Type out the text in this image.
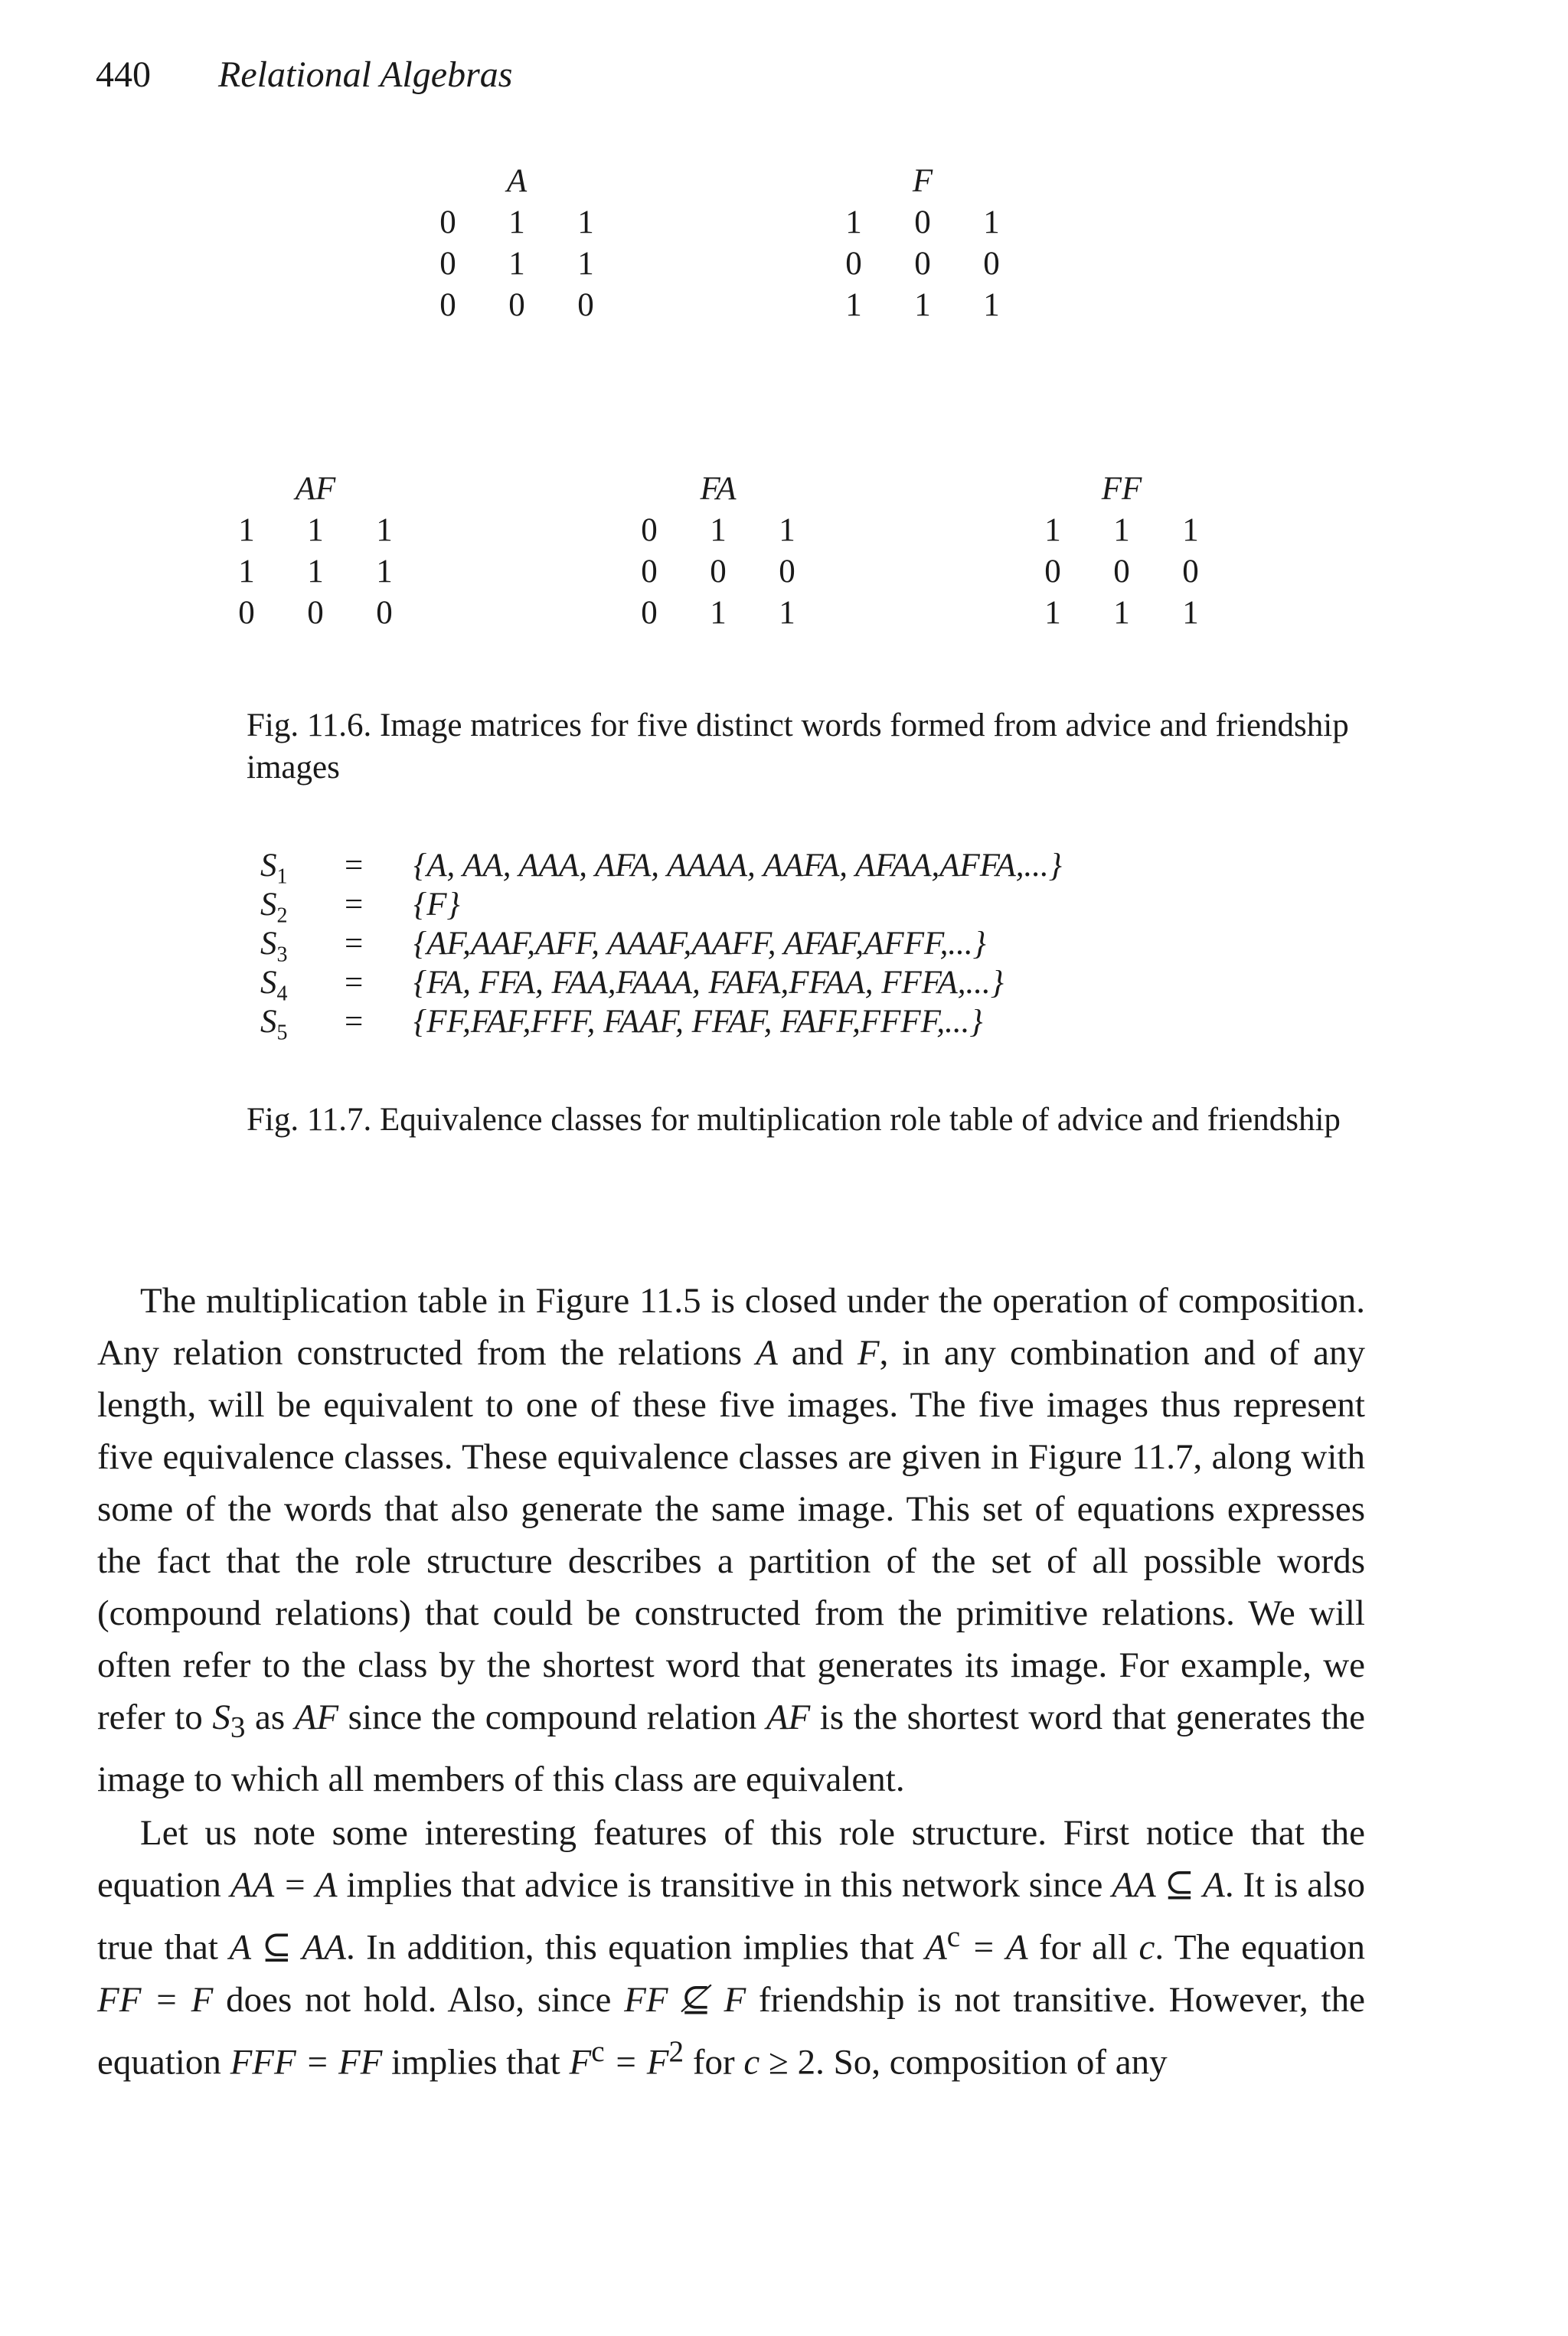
440 Relational Algebras
A
0 1 1
0 1 1
0 0 0
F
1 0 1
0 0 0
1 1 1
AF
1 1 1
1 1 1
0 0 0
FA
0 1 1
0 0 0
0 1 1
FF
1 1 1
0 0 0
1 1 1
Fig. 11.6. Image matrices for five distinct words formed from advice and friendship images
$S_1$	=	{A, AA, AAA, AFA, AAAA, AAFA, AFAA,AFFA,...}
$S_2$	=	{F}
$S_3$	=	{AF,AAF,AFF, AAAF,AAFF, AFAF,AFFF,...}
$S_4$	=	{FA, FFA, FAA,FAAA, FAFA,FFAA, FFFA,...}
$S_5$	=	{FF,FAF,FFF, FAAF, FFAF, FAFF,FFFF,...}
Fig. 11.7. Equivalence classes for multiplication role table of advice and friendship

The multiplication table in Figure 11.5 is closed under the operation of composition. Any relation constructed from the relations A and F, in any combination and of any length, will be equivalent to one of these five images. The five images thus represent five equivalence classes. These equivalence classes are given in Figure 11.7, along with some of the words that also generate the same image. This set of equations expresses the fact that the role structure describes a partition of the set of all possible words (compound relations) that could be constructed from the primitive relations. We will often refer to the class by the shortest word that generates its image. For example, we refer to $S_3$ as AF since the compound relation AF is the shortest word that generates the image to which all members of this class are equivalent.

Let us note some interesting features of this role structure. First notice that the equation AA = A implies that advice is transitive in this network since AA ⊆ A. It is also true that A ⊆ AA. In addition, this equation implies that $A^c = A$ for all c. The equation FF = F does not hold. Also, since FF ⊈ F friendship is not transitive. However, the equation FFF = FF implies that $F^c = F^2$ for c ≥ 2. So, composition of any
